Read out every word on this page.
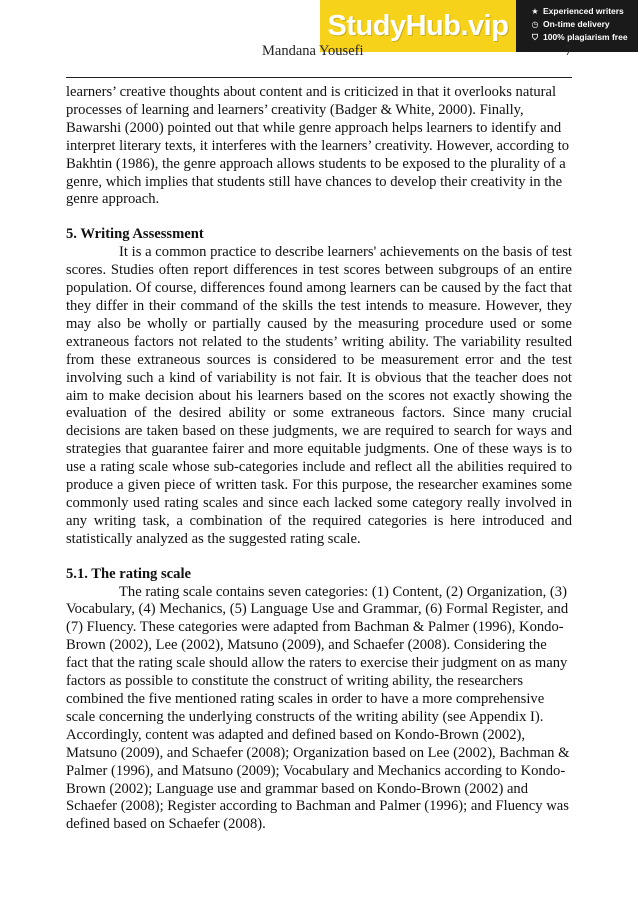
StudyHub.vip	★ Experienced writers
◷ On-time delivery
⛉ 100% plagiarism free
Mandana Yousefi	7

learners’ creative thoughts about content and is criticized in that it overlooks natural processes of learning and learners’ creativity (Badger & White, 2000). Finally, Bawarshi (2000) pointed out that while genre approach helps learners to identify and interpret literary texts, it interferes with the learners’ creativity. However, according to Bakhtin (1986), the genre approach allows students to be exposed to the plurality of a genre, which implies that students still have chances to develop their creativity in the genre approach.

5. Writing Assessment

It is a common practice to describe learners' achievements on the basis of test scores. Studies often report differences in test scores between subgroups of an entire population. Of course, differences found among learners can be caused by the fact that they differ in their command of the skills the test intends to measure. However, they may also be wholly or partially caused by the measuring procedure used or some extraneous factors not related to the students’ writing ability. The variability resulted from these extraneous sources is considered to be measurement error and the test involving such a kind of variability is not fair. It is obvious that the teacher does not aim to make decision about his learners based on the scores not exactly showing the evaluation of the desired ability or some extraneous factors. Since many crucial decisions are taken based on these judgments, we are required to search for ways and strategies that guarantee fairer and more equitable judgments. One of these ways is to use a rating scale whose sub-categories include and reflect all the abilities required to produce a given piece of written task. For this purpose, the researcher examines some commonly used rating scales and since each lacked some category really involved in any writing task, a combination of the required categories is here introduced and statistically analyzed as the suggested rating scale.

5.1. The rating scale

The rating scale contains seven categories: (1) Content, (2) Organization, (3) Vocabulary, (4) Mechanics, (5) Language Use and Grammar, (6) Formal Register, and (7) Fluency. These categories were adapted from Bachman & Palmer (1996), Kondo-Brown (2002), Lee (2002), Matsuno (2009), and Schaefer (2008). Considering the fact that the rating scale should allow the raters to exercise their judgment on as many factors as possible to constitute the construct of writing ability, the researchers combined the five mentioned rating scales in order to have a more comprehensive scale concerning the underlying constructs of the writing ability (see Appendix I). Accordingly, content was adapted and defined based on Kondo-Brown (2002), Matsuno (2009), and Schaefer (2008); Organization based on Lee (2002), Bachman & Palmer (1996), and Matsuno (2009); Vocabulary and Mechanics according to Kondo-Brown (2002); Language use and grammar based on Kondo-Brown (2002) and Schaefer (2008); Register according to Bachman and Palmer (1996); and Fluency was defined based on Schaefer (2008).
